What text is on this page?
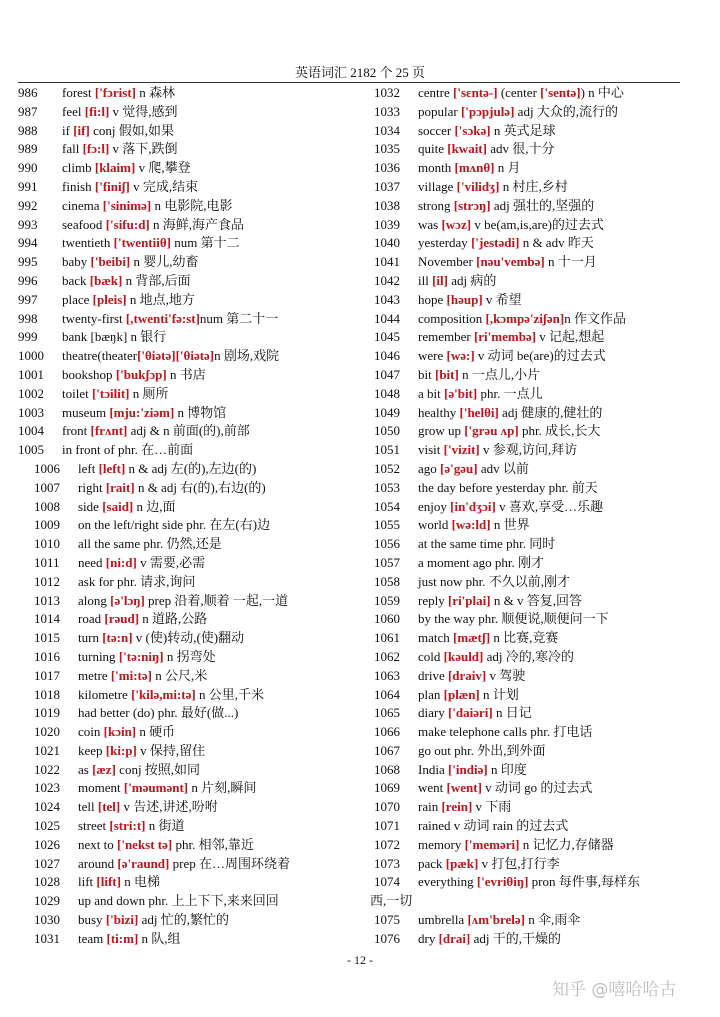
英语词汇 2182 个 25 页
986 forest ['fɔrist] n 森林
987 feel [fi:l] v 觉得,感到
988 if [if] conj 假如,如果
989 fall [fɔ:l] v 落下,跌倒
990 climb [klaim] v 爬,攀登
991 finish ['finiʃ] v 完成,结束
992 cinema ['sinimə] n 电影院,电影
993 seafood ['sifu:d] n 海鲜,海产食品
994 twentieth ['twentiiθ] num 第十二
995 baby ['beibi] n 婴儿,幼畜
996 back [bæk] n 背部,后面
997 place [pleis] n 地点,地方
998 twenty-first [,twenti'fə:st]num 第二十一
999 bank [bæŋk] n 银行
1000 theatre(theater['θiətə]['θiətə]n 剧场,戏院
1001 bookshop ['bukʃɔp] n 书店
1002 toilet ['tɔilit] n 厕所
1003 museum [mju:'ziəm] n 博物馆
1004 front [frʌnt] adj & n 前面(的),前部
1005 in front of phr. 在…前面
1006 left [left] n & adj 左(的),左边(的)
1007 right [rait] n & adj 右(的),右边(的)
1008 side [said] n 边,面
1009 on the left/right side phr. 在左(右)边
1010 all the same phr. 仍然,还是
1011 need [ni:d] v 需要,必需
1012 ask for phr. 请求,询问
1013 along [ə'lɔŋ] prep 沿着,顺着 一起,一道
1014 road [rəud] n 道路,公路
1015 turn [tə:n] v (使)转动,(使)翻动
1016 turning ['tə:niŋ] n 拐弯处
1017 metre ['mi:tə] n 公尺,米
1018 kilometre ['kilə,mi:tə] n 公里,千米
1019 had better (do) phr. 最好(做...)
1020 coin [kɔin] n 硬币
1021 keep [ki:p] v 保持,留住
1022 as [æz] conj 按照,如同
1023 moment ['məumənt] n 片刻,瞬间
1024 tell [tel] v 告述,讲述,吩咐
1025 street [stri:t] n 街道
1026 next to ['nekst tə] phr. 相邻,靠近
1027 around [ə'raund] prep 在…周围环绕着
1028 lift [lift] n 电梯
1029 up and down phr. 上上下下,来来回回
1030 busy ['bizi] adj 忙的,繁忙的
1031 team [ti:m] n 队,组
1032 centre ['sɛntə-] (center ['sentə]) n 中心
1033 popular ['pɔpjulə] adj 大众的,流行的
1034 soccer ['sɔkə] n 英式足球
1035 quite [kwait] adv 很,十分
1036 month [mʌnθ] n 月
1037 village ['vilidʒ] n 村庄,乡村
1038 strong [strɔŋ] adj 强壮的,坚强的
1039 was [wɔz] v be(am,is,are)的过去式
1040 yesterday ['jestədi] n & adv 昨天
1041 November [nəu'vembə] n 十一月
1042 ill [il] adj 病的
1043 hope [həup] v 希望
1044 composition [,kɔmpə'ziʃən]n 作文作品
1045 remember [ri'membə] v 记起,想起
1046 were [wə:] v 动词 be(are)的过去式
1047 bit [bit] n 一点儿,小片
1048 a bit [ə'bit] phr. 一点儿
1049 healthy ['helθi] adj 健康的,健壮的
1050 grow up ['grəu ʌp] phr. 成长,长大
1051 visit ['vizit] v 参观,访问,拜访
1052 ago [ə'gəu] adv 以前
1053 the day before yesterday phr. 前天
1054 enjoy [in'dʒɔi] v 喜欢,享受…乐趣
1055 world [wə:ld] n 世界
1056 at the same time phr. 同时
1057 a moment ago phr. 刚才
1058 just now phr. 不久以前,刚才
1059 reply [ri'plai] n & v 答复,回答
1060 by the way phr. 顺便说,顺便问一下
1061 match [mætʃ] n 比赛,竞赛
1062 cold [kəuld] adj 冷的,寒冷的
1063 drive [draiv] v 驾驶
1064 plan [plæn] n 计划
1065 diary ['daiəri] n 日记
1066 make telephone calls phr. 打电话
1067 go out phr. 外出,到外面
1068 India ['indiə] n 印度
1069 went [went] v 动词 go 的过去式
1070 rain [rein] v 下雨
1071 rained v 动词 rain 的过去式
1072 memory ['meməri] n 记忆力,存储器
1073 pack [pæk] v 打包,打行李
1074 everything ['evriθiŋ] pron 每件事,每样东
西,一切
1075 umbrella [ʌm'brelə] n 伞,雨伞
1076 dry [drai] adj 干的,干燥的
- 12 -
知乎 @嘻哈哈古
